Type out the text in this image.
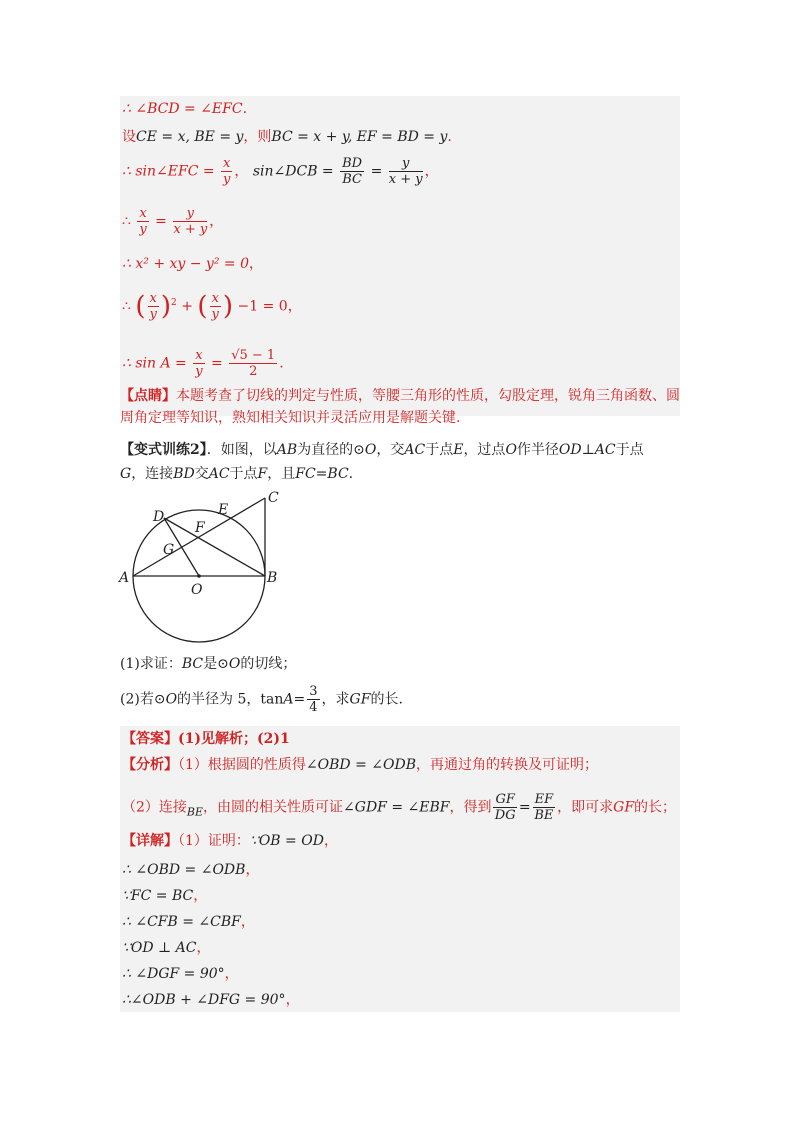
∴ ∠BCD = ∠EFC.
设CE = x, BE = y，则BC = x + y, EF = BD = y.
∴ sin∠EFC = $\frac{x}{y}$ ， sin∠DCB = $\frac{BD}{BC} = \frac{y}{x + y}$ ，
∴ $\frac{x}{y} = \frac{y}{x + y}$ ，
∴ x² + xy − y² = 0，
∴ ( $\frac{x}{y} )^2$ + ( $\frac{x}{y}$ ) −1 = 0，
∴ $\sin A = \frac{x}{y} = \frac{√5 - 1}{2}$ .
【点睛】本题考查了切线的判定与性质，等腰三角形的性质，勾股定理，锐角三角函数、圆周角定理等知识，熟知相关知识并灵活应用是解题关键.
【变式训练2】．如图，以AB为直径的⊙O，交AC于点E，过点O作半径OD⊥AC于点
G，连接BD交AC于点F，且FC=BC.
A	B
C
D	E
F
G
O
(1)求证：BC是⊙O的切线；
(2)若⊙O的半径为 5，$\tan A= \frac{3}{4}$ ，求GF的长.
【答案】(1)见解析；(2)1
【分析】（1）根据圆的性质得∠OBD = ∠ODB，再通过角的转换及可证明；
（2）连接$_{BE}$，由圆的相关性质可证∠GDF = ∠EBF，得到 $\frac{GF}{DG} = \frac{EF}{BE}$ ，即可求GF的长；
【详解】（1）证明：∵OB = OD，
∴ ∠OBD = ∠ODB，
∵FC = BC，
∴ ∠CFB = ∠CBF，
∵OD ⊥ AC，
∴ ∠DGF = 90°，
∴∠ODB + ∠DFG = 90°，
